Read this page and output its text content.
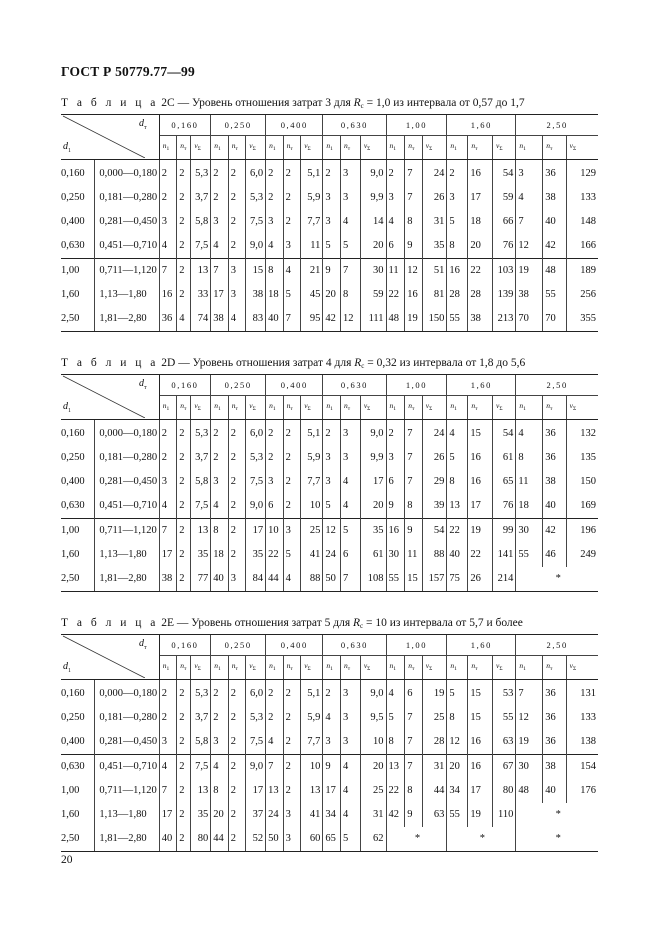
ГОСТ Р 50779.77—99
Т а б л и ц а 2С — Уровень отношения затрат 3 для $R_c = 1,0$ из интервала от 0,57 до 1,7
$d_т$
$d_1$		0,160			0,250			0,400			0,630			1,00			1,60			2,50		
		$n_1$	$n_т$	$\nu_\Sigma$	$n_1$	$n_т$	$\nu_\Sigma$	$n_1$	$n_т$	$\nu_\Sigma$	$n_1$	$n_т$	$\nu_\Sigma$	$n_1$	$n_т$	$\nu_\Sigma$	$n_1$	$n_т$	$\nu_\Sigma$	$n_1$	$n_т$	$\nu_\Sigma$
0,160	0,000—0,180	2	2	5,3	2	2	6,0	2	2	5,1	2	3	9,0	2	7	24	2	16	54	3	36	129
0,250	0,181—0,280	2	2	3,7	2	2	5,3	2	2	5,9	3	3	9,9	3	7	26	3	17	59	4	38	133
0,400	0,281—0,450	3	2	5,8	3	2	7,5	3	2	7,7	3	4	14	4	8	31	5	18	66	7	40	148
0,630	0,451—0,710	4	2	7,5	4	2	9,0	4	3	11	5	5	20	6	9	35	8	20	76	12	42	166
1,00	0,711—1,120	7	2	13	7	3	15	8	4	21	9	7	30	11	12	51	16	22	103	19	48	189
1,60	1,13—1,80	16	2	33	17	3	38	18	5	45	20	8	59	22	16	81	28	28	139	38	55	256
2,50	1,81—2,80	36	4	74	38	4	83	40	7	95	42	12	111	48	19	150	55	38	213	70	70	355
Т а б л и ц а 2D — Уровень отношения затрат 4 для $R_c = 0,32$ из интервала от 1,8 до 5,6
$d_т$
$d_1$		0,160			0,250			0,400			0,630			1,00			1,60			2,50		
		$n_1$	$n_т$	$\nu_\Sigma$	$n_1$	$n_т$	$\nu_\Sigma$	$n_1$	$n_т$	$\nu_\Sigma$	$n_1$	$n_т$	$\nu_\Sigma$	$n_1$	$n_т$	$\nu_\Sigma$	$n_1$	$n_т$	$\nu_\Sigma$	$n_1$	$n_т$	$\nu_\Sigma$
0,160	0,000—0,180	2	2	5,3	2	2	6,0	2	2	5,1	2	3	9,0	2	7	24	4	15	54	4	36	132
0,250	0,181—0,280	2	2	3,7	2	2	5,3	2	2	5,9	3	3	9,9	3	7	26	5	16	61	8	36	135
0,400	0,281—0,450	3	2	5,8	3	2	7,5	3	2	7,7	3	4	17	6	7	29	8	16	65	11	38	150
0,630	0,451—0,710	4	2	7,5	4	2	9,0	6	2	10	5	4	20	9	8	39	13	17	76	18	40	169
1,00	0,711—1,120	7	2	13	8	2	17	10	3	25	12	5	35	16	9	54	22	19	99	30	42	196
1,60	1,13—1,80	17	2	35	18	2	35	22	5	41	24	6	61	30	11	88	40	22	141	55	46	249
2,50	1,81—2,80	38	2	77	40	3	84	44	4	88	50	7	108	55	15	157	75	26	214	*		
Т а б л и ц а 2Е — Уровень отношения затрат 5 для $R_c = 10$ из интервала от 5,7 и более
$d_т$
$d_1$		0,160			0,250			0,400			0,630			1,00			1,60			2,50		
		$n_1$	$n_т$	$\nu_\Sigma$	$n_1$	$n_т$	$\nu_\Sigma$	$n_1$	$n_т$	$\nu_\Sigma$	$n_1$	$n_т$	$\nu_\Sigma$	$n_1$	$n_т$	$\nu_\Sigma$	$n_1$	$n_т$	$\nu_\Sigma$	$n_1$	$n_т$	$\nu_\Sigma$
0,160	0,000—0,180	2	2	5,3	2	2	6,0	2	2	5,1	2	3	9,0	4	6	19	5	15	53	7	36	131
0,250	0,181—0,280	2	2	3,7	2	2	5,3	2	2	5,9	4	3	9,5	5	7	25	8	15	55	12	36	133
0,400	0,281—0,450	3	2	5,8	3	2	7,5	4	2	7,7	3	3	10	8	7	28	12	16	63	19	36	138
0,630	0,451—0,710	4	2	7,5	4	2	9,0	7	2	10	9	4	20	13	7	31	20	16	67	30	38	154
1,00	0,711—1,120	7	2	13	8	2	17	13	2	13	17	4	25	22	8	44	34	17	80	48	40	176
1,60	1,13—1,80	17	2	35	20	2	37	24	3	41	34	4	31	42	9	63	55	19	110	*		
2,50	1,81—2,80	40	2	80	44	2	52	50	3	60	65	5	62	*			*			*		
20
